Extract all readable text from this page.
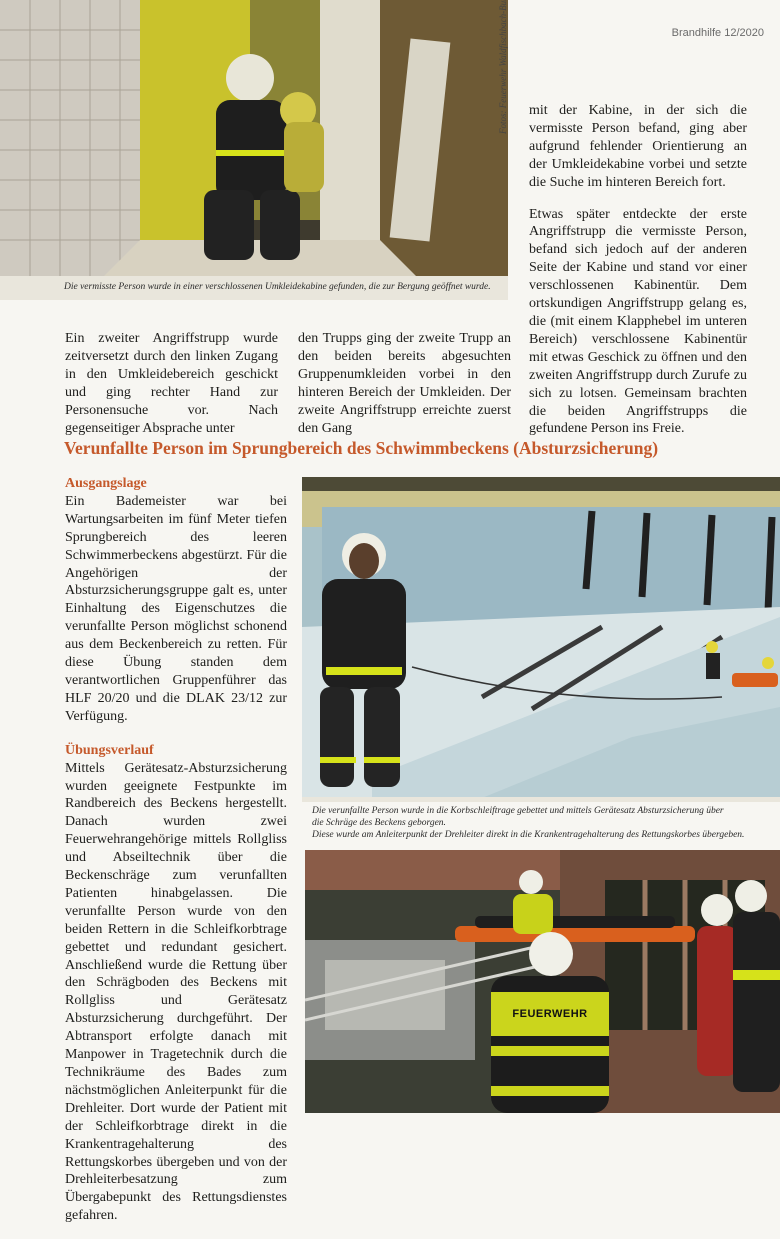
Brandhilfe 12/2020
Die vermisste Person wurde in einer verschlossenen Umkleidekabine gefunden, die zur Bergung geöffnet wurde.

Ein zweiter Angriffstrupp wurde zeitversetzt durch den linken Zugang in den Umkleidebereich geschickt und ging rechter Hand zur Personensuche vor. Nach gegenseitiger Absprache unter

den Trupps ging der zweite Trupp an den beiden bereits abgesuchten Gruppenumkleiden vorbei in den hinteren Bereich der Umkleiden. Der zweite Angriffstrupp erreichte zuerst den Gang

mit der Kabine, in der sich die vermisste Person befand, ging aber aufgrund fehlender Orientierung an der Umkleidekabine vorbei und setzte die Suche im hinteren Bereich fort.

Etwas später entdeckte der erste Angriffstrupp die vermisste Person, befand sich jedoch auf der anderen Seite der Kabine und stand vor einer verschlossenen Kabinentür. Dem ortskundigen Angriffstrupp gelang es, die (mit einem Klapphebel im unteren Bereich) verschlossene Kabinentür mit etwas Geschick zu öffnen und den zweiten Angriffstrupp durch Zurufe zu sich zu lotsen. Gemeinsam brachten die beiden Angriffstrupps die gefundene Person ins Freie.

Verunfallte Person im Sprungbereich des Schwimmbeckens (Absturzsicherung)
Ausgangslage

Ein Bademeister war bei Wartungsarbeiten im fünf Meter tiefen Sprungbereich des leeren Schwimmerbeckens abgestürzt. Für die Angehörigen der Absturzsicherungsgruppe galt es, unter Einhaltung des Eigenschutzes die verunfallte Person möglichst schonend aus dem Beckenbereich zu retten. Für diese Übung standen dem verantwortlichen Gruppenführer das HLF 20/20 und die DLAK 23/12 zur Verfügung.

Übungsverlauf

Mittels Gerätesatz-Absturzsicherung wurden geeignete Festpunkte im Randbereich des Beckens hergestellt. Danach wurden zwei Feuerwehrangehörige mittels Rollgliss und Abseiltechnik über die Beckenschräge zum verunfallten Patienten hinabgelassen. Die verunfallte Person wurde von den beiden Rettern in die Schleifkorbtrage gebettet und redundant gesichert. Anschließend wurde die Rettung über den Schrägboden des Beckens mit Rollgliss und Gerätesatz Absturzsicherung durchgeführt. Der Abtransport erfolgte danach mit Manpower in Tragetechnik durch die Technikräume des Bades zum nächstmöglichen Anleiterpunkt für die Drehleiter. Dort wurde der Patient mit der Schleifkorbtrage direkt in die Krankentragehalterung des Rettungskorbes übergeben und von der Drehleiterbesatzung zum Übergabepunkt des Rettungsdienstes gefahren.

Die verunfallte Person wurde in die Korbschleiftrage gebettet und mittels Gerätesatz Absturzsicherung über
die Schräge des Beckens geborgen.
Diese wurde am Anleiterpunkt der Drehleiter direkt in die Krankentragehalterung des Rettungskorbes übergeben.
FEUERWEHR
